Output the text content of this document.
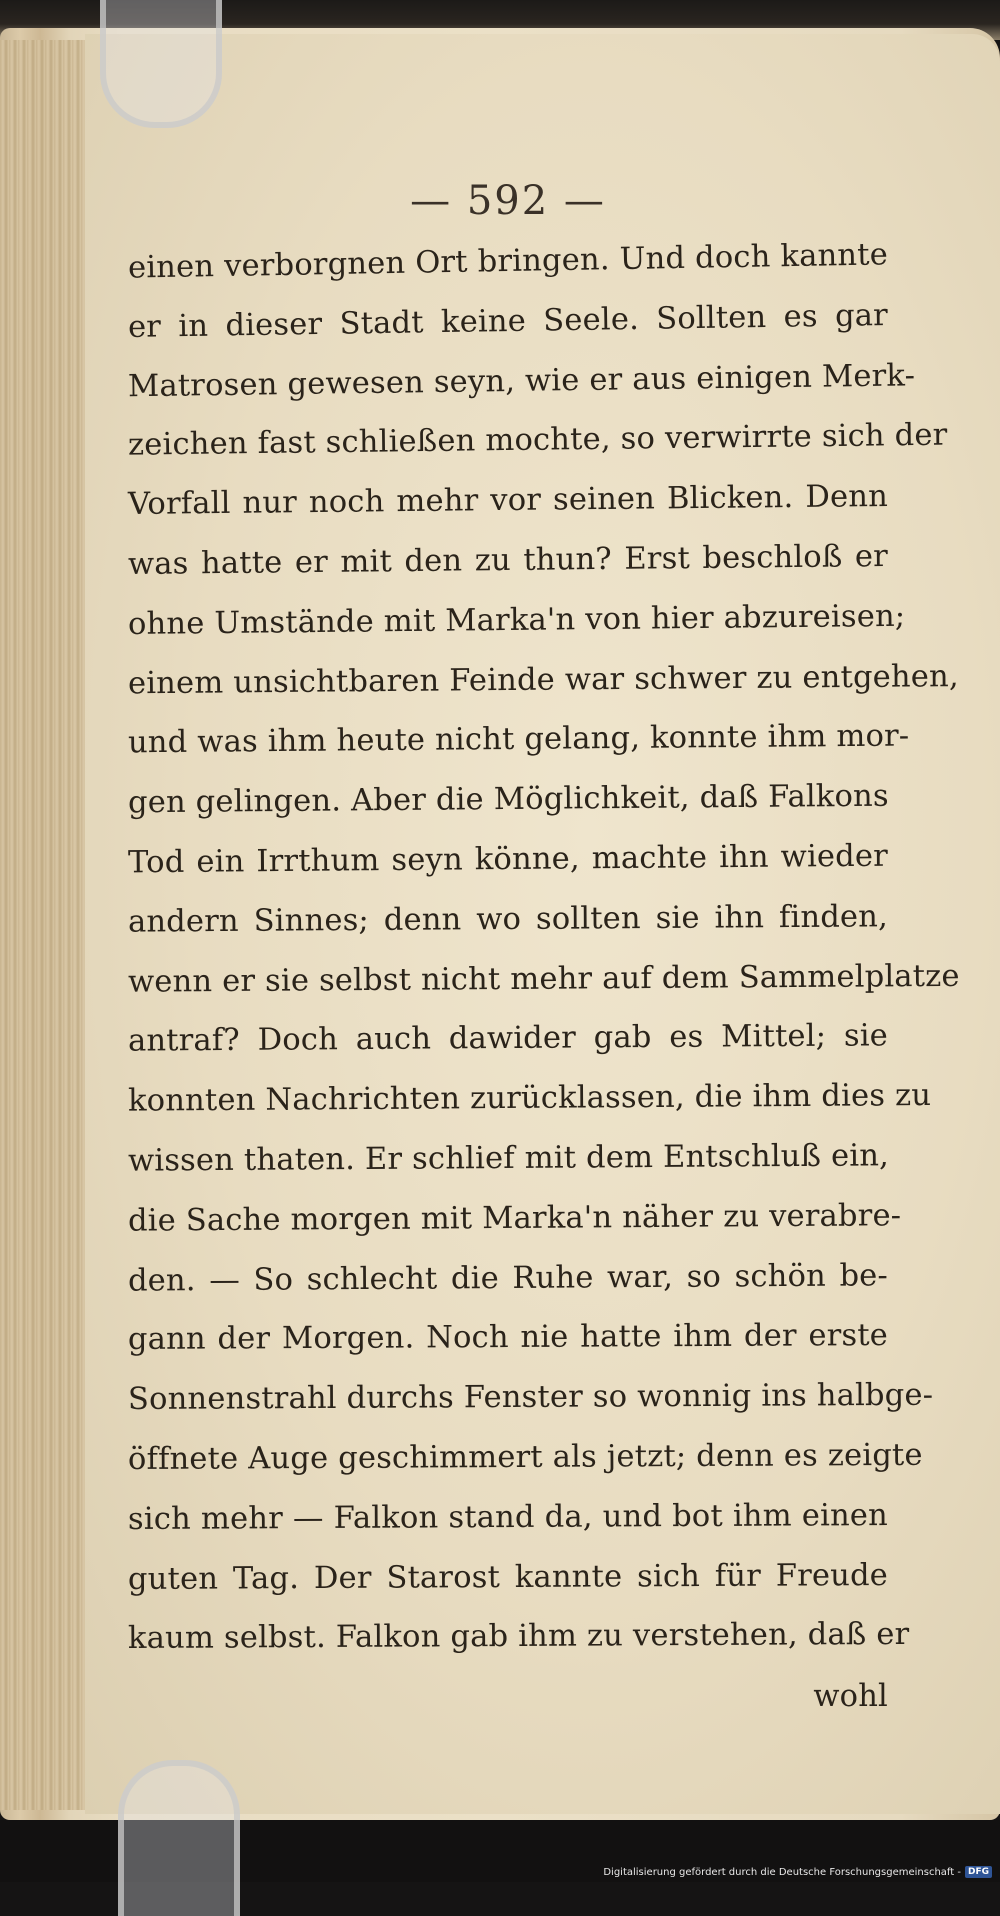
— 592 —
einen verborgnen Ort bringen. Und doch kannte
er in dieser Stadt keine Seele. Sollten es gar
Matrosen gewesen seyn, wie er aus einigen Merk-
zeichen fast schließen mochte, so verwirrte sich der
Vorfall nur noch mehr vor seinen Blicken. Denn
was hatte er mit den zu thun? Erst beschloß er
ohne Umstände mit Marka'n von hier abzureisen;
einem unsichtbaren Feinde war schwer zu entgehen,
und was ihm heute nicht gelang, konnte ihm mor-
gen gelingen. Aber die Möglichkeit, daß Falkons
Tod ein Irrthum seyn könne, machte ihn wieder
andern Sinnes; denn wo sollten sie ihn finden,
wenn er sie selbst nicht mehr auf dem Sammelplatze
antraf? Doch auch dawider gab es Mittel; sie
konnten Nachrichten zurücklassen, die ihm dies zu
wissen thaten. Er schlief mit dem Entschluß ein,
die Sache morgen mit Marka'n näher zu verabre-
den. — So schlecht die Ruhe war, so schön be-
gann der Morgen. Noch nie hatte ihm der erste
Sonnenstrahl durchs Fenster so wonnig ins halbge-
öffnete Auge geschimmert als jetzt; denn es zeigte
sich mehr — Falkon stand da, und bot ihm einen
guten Tag. Der Starost kannte sich für Freude
kaum selbst. Falkon gab ihm zu verstehen, daß er
wohl
Digitalisierung gefördert durch die Deutsche Forschungsgemeinschaft - DFG
